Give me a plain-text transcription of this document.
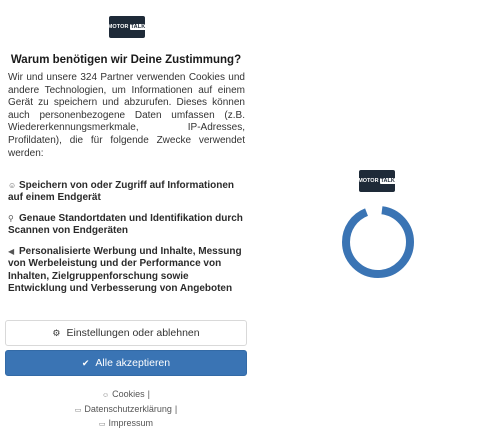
MOTOR TALK
Warum benötigen wir Deine Zustimmung?
Wir und unsere 324 Partner verwenden Cookies und andere Technologien, um Informationen auf einem Gerät zu speichern und abzurufen. Dieses können auch personenbezogene Daten umfassen (z.B. Wiedererkennungsmerkmale, IP-Adresses, Profildaten), die für folgende Zwecke verwendet werden:
☺ Speichern von oder Zugriff auf Informationen auf einem Endgerät
⚲ Genaue Standortdaten und Identifikation durch Scannen von Endgeräten
◀ Personalisierte Werbung und Inhalte, Messung von Werbeleistung und der Performance von Inhalten, Zielgruppenforschung sowie Entwicklung und Verbesserung von Angeboten
⚙ Einstellungen oder ablehnen
✔ Alle akzeptieren
☺ Cookies |
▭ Datenschutzerklärung |
▭ Impressum
MOTOR TALK
